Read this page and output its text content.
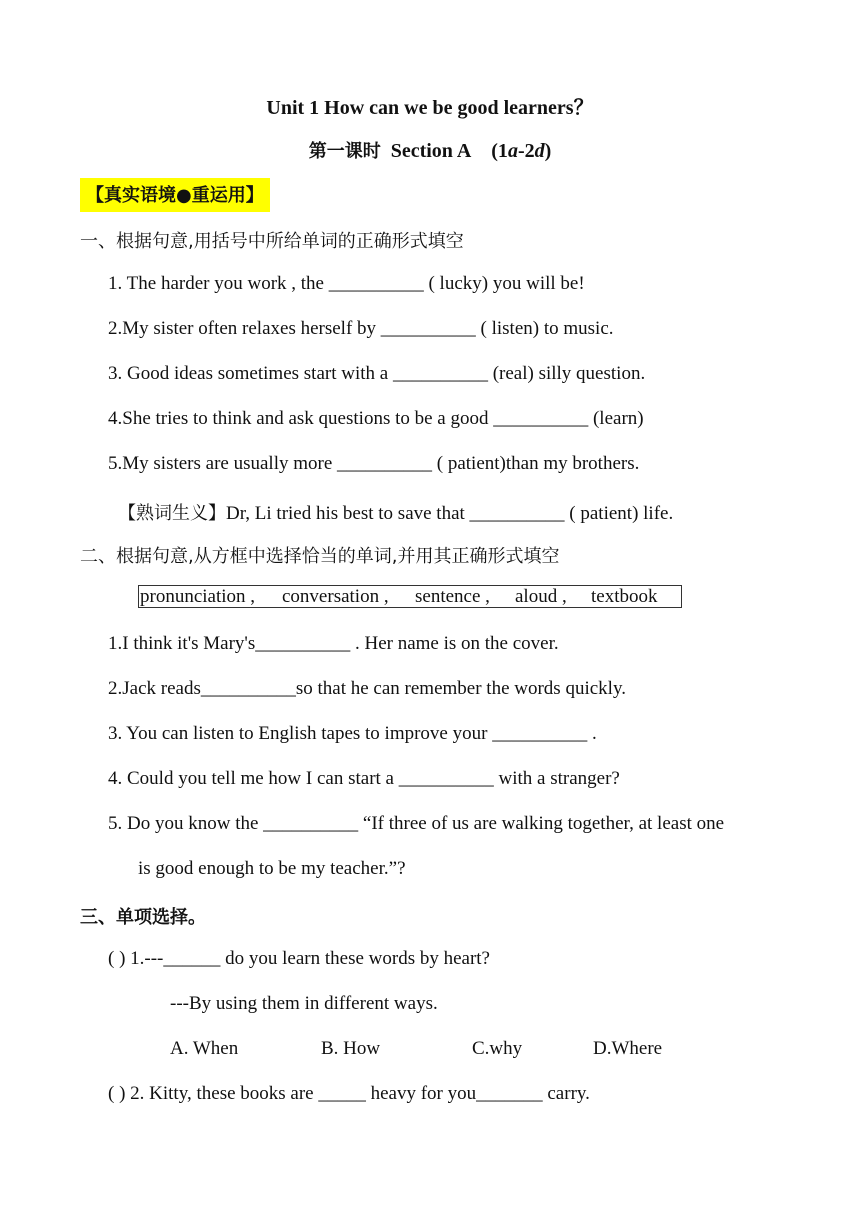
Unit 1 How can we be good learners？
第一课时 Section A (1a-2d)
【真实语境●重运用】
一、根据句意,用括号中所给单词的正确形式填空
1. The harder you work , the __________ ( lucky) you will be!
2.My sister often relaxes herself by __________ ( listen) to music.
3. Good ideas sometimes start with a __________ (real) silly question.
4.She tries to think and ask questions to be a good __________ (learn)
5.My sisters are usually more __________ ( patient)than my brothers.
【熟词生义】Dr, Li tried his best to save that __________ ( patient) life.
二、根据句意,从方框中选择恰当的单词,并用其正确形式填空
pronunciation , conversation , sentence , aloud , textbook
1.I think it's Mary's__________ . Her name is on the cover.
2.Jack reads__________so that he can remember the words quickly.
3. You can listen to English tapes to improve your __________ .
4. Could you tell me how I can start a __________ with a stranger?
5. Do you know the __________ “If three of us are walking together, at least one
is good enough to be my teacher.”?
三、单项选择。
( ) 1.---______ do you learn these words by heart?
---By using them in different ways.
A. When	B. How	C.why	D.Where
( ) 2. Kitty, these books are _____ heavy for you_______ carry.
